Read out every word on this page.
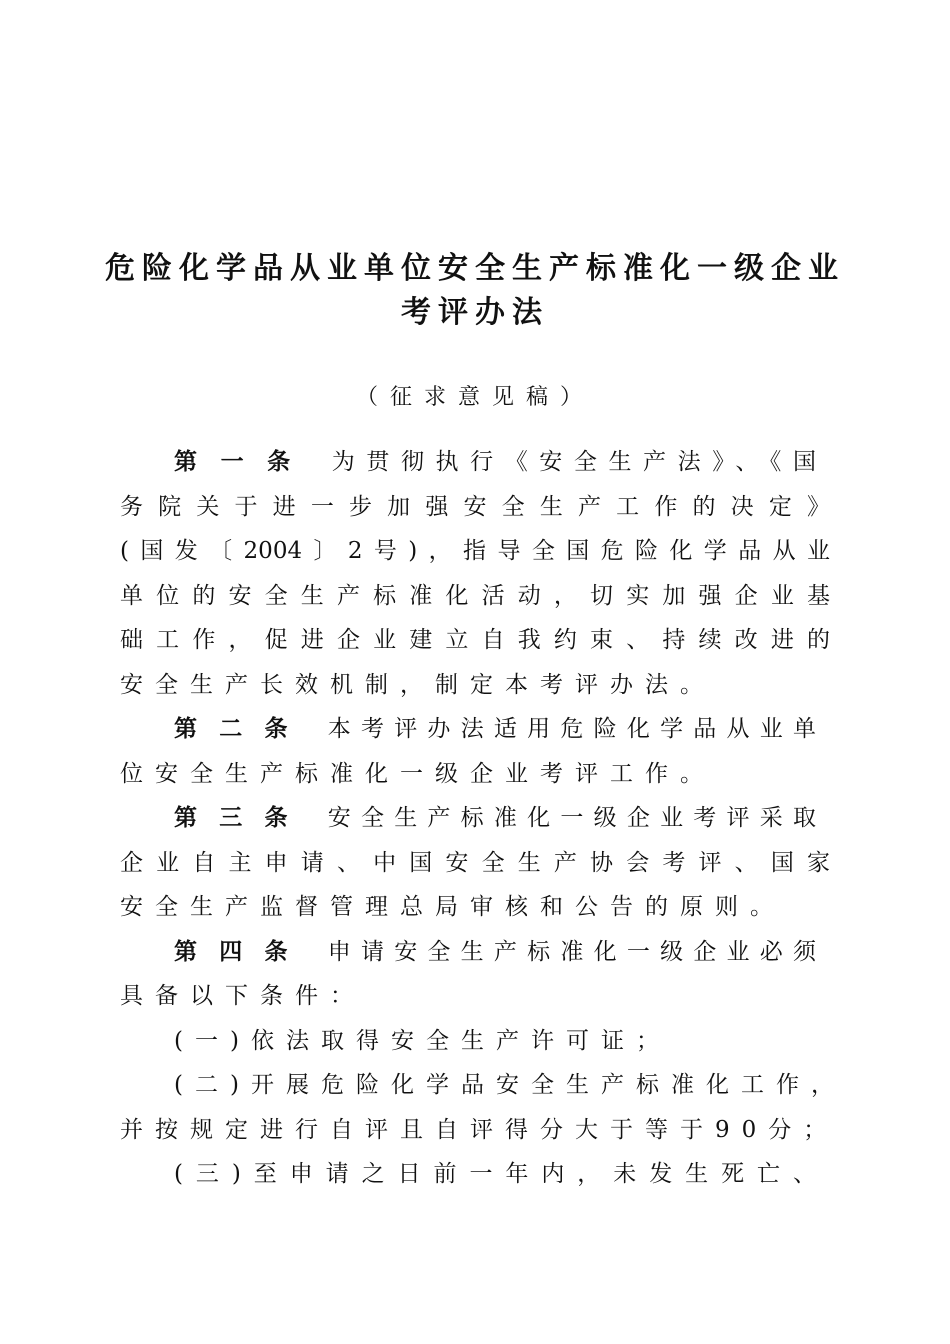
危险化学品从业单位安全生产标准化一级企业
考评办法
（征求意见稿）
第一条 为贯彻执行《安全生产法》、《国
务院关于进一步加强安全生产工作的决定》
(国发〔2004〕2号)，指导全国危险化学品从业
单位的安全生产标准化活动，切实加强企业基
础工作，促进企业建立自我约束、持续改进的
安全生产长效机制，制定本考评办法。
第二条 本考评办法适用危险化学品从业单
位安全生产标准化一级企业考评工作。
第三条 安全生产标准化一级企业考评采取
企业自主申请、中国安全生产协会考评、国家
安全生产监督管理总局审核和公告的原则。
第四条 申请安全生产标准化一级企业必须
具备以下条件：
(一)依法取得安全生产许可证；
(二)开展危险化学品安全生产标准化工作，
并按规定进行自评且自评得分大于等于90分；
(三)至申请之日前一年内，未发生死亡、
